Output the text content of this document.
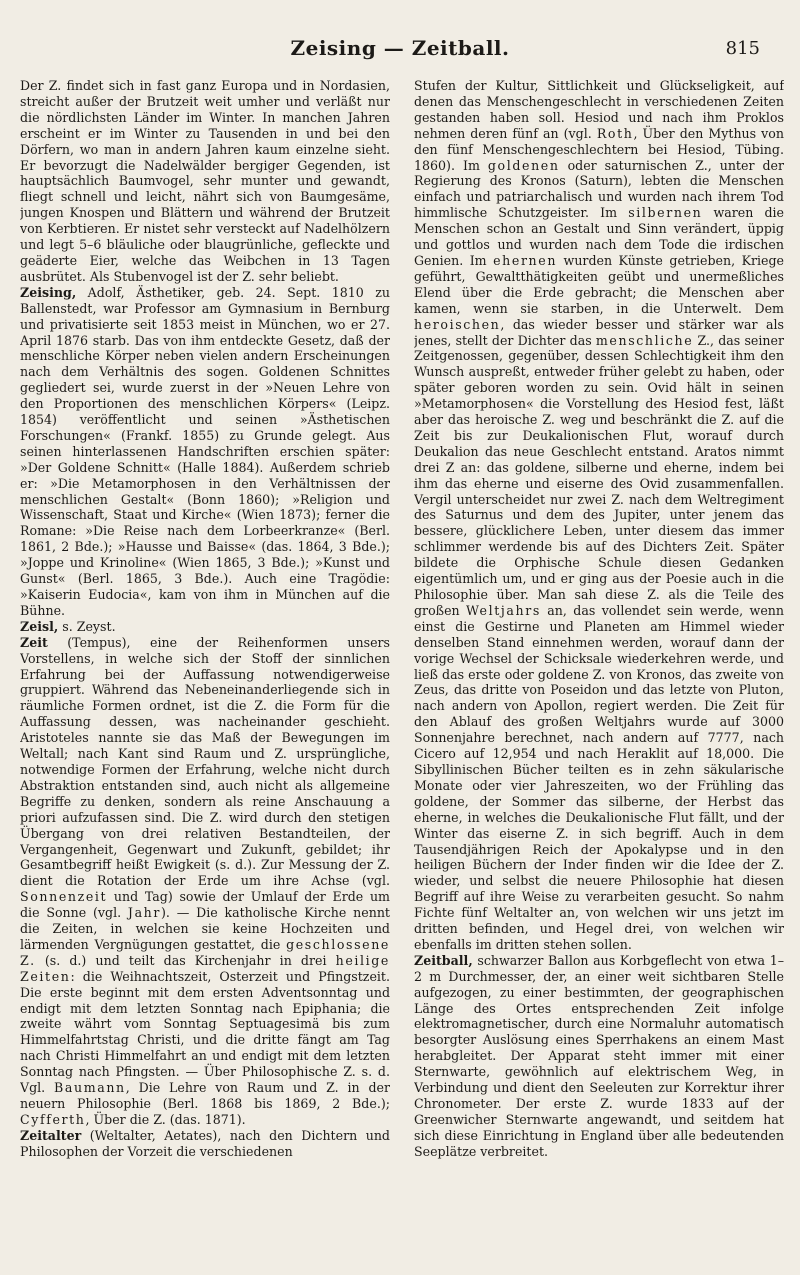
Zeising — Zeitball.	815

Der Z. findet sich in fast ganz Europa und in Nordasien, streicht außer der Brutzeit weit umher und verläßt nur die nördlichsten Länder im Winter. In manchen Jahren erscheint er im Winter zu Tausenden in und bei den Dörfern, wo man in andern Jahren kaum einzelne sieht. Er bevorzugt die Nadelwälder bergiger Gegenden, ist hauptsächlich Baumvogel, sehr munter und gewandt, fliegt schnell und leicht, nährt sich von Baumgesäme, jungen Knospen und Blättern und während der Brutzeit von Kerbtieren. Er nistet sehr versteckt auf Nadelhölzern und legt 5–6 bläuliche oder blaugrünliche, gefleckte und geäderte Eier, welche das Weibchen in 13 Tagen ausbrütet. Als Stubenvogel ist der Z. sehr beliebt.

Zeising, Adolf, Ästhetiker, geb. 24. Sept. 1810 zu Ballenstedt, war Professor am Gymnasium in Bernburg und privatisierte seit 1853 meist in München, wo er 27. April 1876 starb. Das von ihm entdeckte Gesetz, daß der menschliche Körper neben vielen andern Erscheinungen nach dem Verhältnis des sogen. Goldenen Schnittes gegliedert sei, wurde zuerst in der »Neuen Lehre von den Proportionen des menschlichen Körpers« (Leipz. 1854) veröffentlicht und seinen »Ästhetischen Forschungen« (Frankf. 1855) zu Grunde gelegt. Aus seinen hinterlassenen Handschriften erschien später: »Der Goldene Schnitt« (Halle 1884). Außerdem schrieb er: »Die Metamorphosen in den Verhältnissen der menschlichen Gestalt« (Bonn 1860); »Religion und Wissenschaft, Staat und Kirche« (Wien 1873); ferner die Romane: »Die Reise nach dem Lorbeerkranze« (Berl. 1861, 2 Bde.); »Hausse und Baisse« (das. 1864, 3 Bde.); »Joppe und Krinoline« (Wien 1865, 3 Bde.); »Kunst und Gunst« (Berl. 1865, 3 Bde.). Auch eine Tragödie: »Kaiserin Eudocia«, kam von ihm in München auf die Bühne.

Zeisl, s. Zeyst.

Zeit (Tempus), eine der Reihenformen unsers Vorstellens, in welche sich der Stoff der sinnlichen Erfahrung bei der Auffassung notwendigerweise gruppiert. Während das Nebeneinanderliegende sich in räumliche Formen ordnet, ist die Z. die Form für die Auffassung dessen, was nacheinander geschieht. Aristoteles nannte sie das Maß der Bewegungen im Weltall; nach Kant sind Raum und Z. ursprüngliche, notwendige Formen der Erfahrung, welche nicht durch Abstraktion entstanden sind, auch nicht als allgemeine Begriffe zu denken, sondern als reine Anschauung a priori aufzufassen sind. Die Z. wird durch den stetigen Übergang von drei relativen Bestandteilen, der Vergangenheit, Gegenwart und Zukunft, gebildet; ihr Gesamtbegriff heißt Ewigkeit (s. d.). Zur Messung der Z. dient die Rotation der Erde um ihre Achse (vgl. Sonnenzeit und Tag) sowie der Umlauf der Erde um die Sonne (vgl. Jahr). — Die katholische Kirche nennt die Zeiten, in welchen sie keine Hochzeiten und lärmenden Vergnügungen gestattet, die geschlossene Z. (s. d.) und teilt das Kirchenjahr in drei heilige Zeiten: die Weihnachtszeit, Osterzeit und Pfingstzeit. Die erste beginnt mit dem ersten Adventsonntag und endigt mit dem letzten Sonntag nach Epiphania; die zweite währt vom Sonntag Septuagesimä bis zum Himmelfahrtstag Christi, und die dritte fängt am Tag nach Christi Himmelfahrt an und endigt mit dem letzten Sonntag nach Pfingsten. — Über Philosophische Z. s. d. Vgl. Baumann, Die Lehre von Raum und Z. in der neuern Philosophie (Berl. 1868 bis 1869, 2 Bde.); Cyfferth, Über die Z. (das. 1871).

Zeitalter (Weltalter, Aetates), nach den Dichtern und Philosophen der Vorzeit die verschiedenen

Stufen der Kultur, Sittlichkeit und Glückseligkeit, auf denen das Menschengeschlecht in verschiedenen Zeiten gestanden haben soll. Hesiod und nach ihm Proklos nehmen deren fünf an (vgl. Roth, Über den Mythus von den fünf Menschengeschlechtern bei Hesiod, Tübing. 1860). Im goldenen oder saturnischen Z., unter der Regierung des Kronos (Saturn), lebten die Menschen einfach und patriarchalisch und wurden nach ihrem Tod himmlische Schutzgeister. Im silbernen waren die Menschen schon an Gestalt und Sinn verändert, üppig und gottlos und wurden nach dem Tode die irdischen Genien. Im ehernen wurden Künste getrieben, Kriege geführt, Gewaltthätigkeiten geübt und unermeßliches Elend über die Erde gebracht; die Menschen aber kamen, wenn sie starben, in die Unterwelt. Dem heroischen, das wieder besser und stärker war als jenes, stellt der Dichter das menschliche Z., das seiner Zeitgenossen, gegenüber, dessen Schlechtigkeit ihm den Wunsch auspreßt, entweder früher gelebt zu haben, oder später geboren worden zu sein. Ovid hält in seinen »Metamorphosen« die Vorstellung des Hesiod fest, läßt aber das heroische Z. weg und beschränkt die Z. auf die Zeit bis zur Deukalionischen Flut, worauf durch Deukalion das neue Geschlecht entstand. Aratos nimmt drei Z an: das goldene, silberne und eherne, indem bei ihm das eherne und eiserne des Ovid zusammenfallen. Vergil unterscheidet nur zwei Z. nach dem Weltregiment des Saturnus und dem des Jupiter, unter jenem das bessere, glücklichere Leben, unter diesem das immer schlimmer werdende bis auf des Dichters Zeit. Später bildete die Orphische Schule diesen Gedanken eigentümlich um, und er ging aus der Poesie auch in die Philosophie über. Man sah diese Z. als die Teile des großen Weltjahrs an, das vollendet sein werde, wenn einst die Gestirne und Planeten am Himmel wieder denselben Stand einnehmen werden, worauf dann der vorige Wechsel der Schicksale wiederkehren werde, und ließ das erste oder goldene Z. von Kronos, das zweite von Zeus, das dritte von Poseidon und das letzte von Pluton, nach andern von Apollon, regiert werden. Die Zeit für den Ablauf des großen Weltjahrs wurde auf 3000 Sonnenjahre berechnet, nach andern auf 7777, nach Cicero auf 12,954 und nach Heraklit auf 18,000. Die Sibyllinischen Bücher teilten es in zehn säkularische Monate oder vier Jahreszeiten, wo der Frühling das goldene, der Sommer das silberne, der Herbst das eherne, in welches die Deukalionische Flut fällt, und der Winter das eiserne Z. in sich begriff. Auch in dem Tausendjährigen Reich der Apokalypse und in den heiligen Büchern der Inder finden wir die Idee der Z. wieder, und selbst die neuere Philosophie hat diesen Begriff auf ihre Weise zu verarbeiten gesucht. So nahm Fichte fünf Weltalter an, von welchen wir uns jetzt im dritten befinden, und Hegel drei, von welchen wir ebenfalls im dritten stehen sollen.

Zeitball, schwarzer Ballon aus Korbgeflecht von etwa 1–2 m Durchmesser, der, an einer weit sichtbaren Stelle aufgezogen, zu einer bestimmten, der geographischen Länge des Ortes entsprechenden Zeit infolge elektromagnetischer, durch eine Normaluhr automatisch besorgter Auslösung eines Sperrhakens an einem Mast herabgleitet. Der Apparat steht immer mit einer Sternwarte, gewöhnlich auf elektrischem Weg, in Verbindung und dient den Seeleuten zur Korrektur ihrer Chronometer. Der erste Z. wurde 1833 auf der Greenwicher Sternwarte angewandt, und seitdem hat sich diese Einrichtung in England über alle bedeutenden Seeplätze verbreitet.
